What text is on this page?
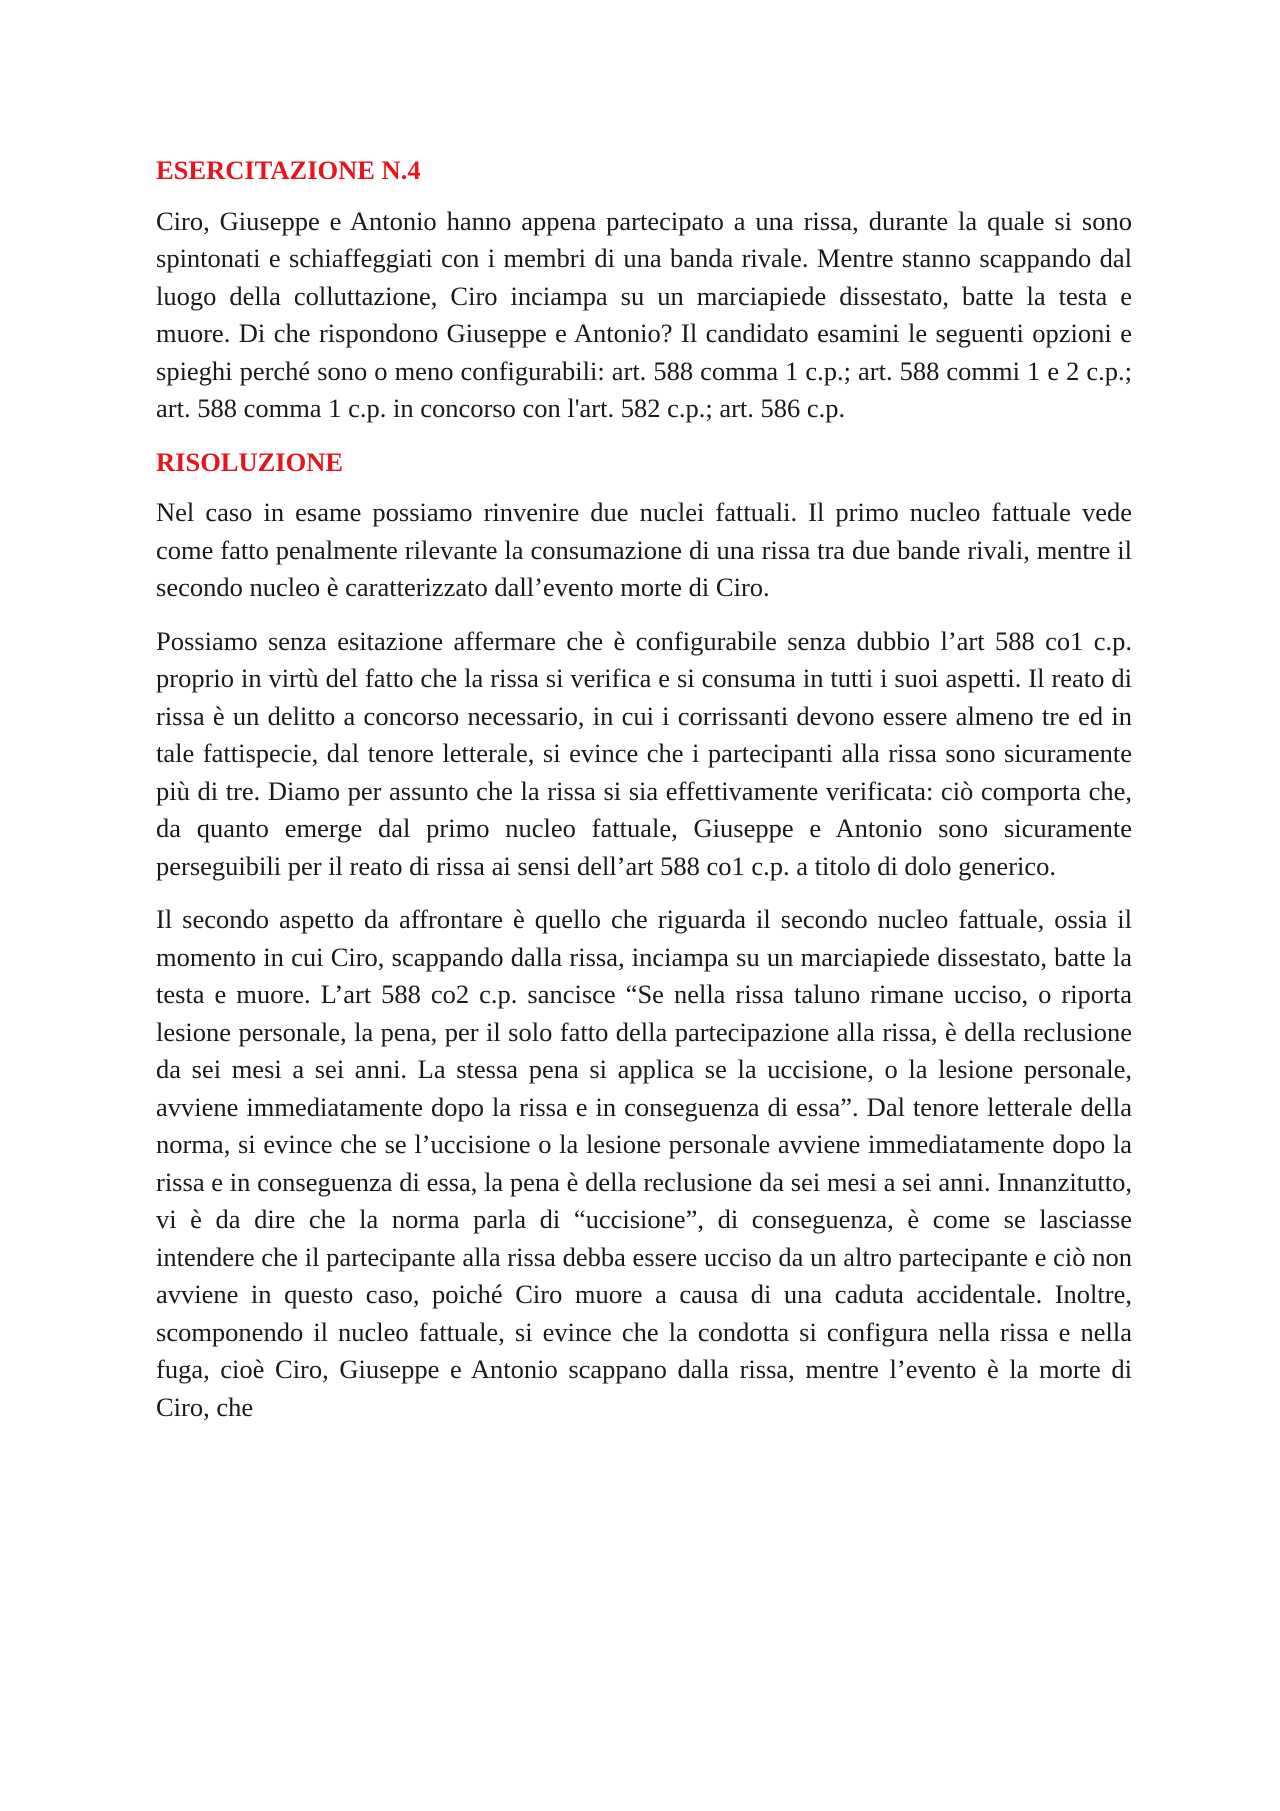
ESERCITAZIONE N.4

Ciro, Giuseppe e Antonio hanno appena partecipato a una rissa, durante la quale si sono spintonati e schiaffeggiati con i membri di una banda rivale. Mentre stanno scappando dal luogo della colluttazione, Ciro inciampa su un marciapiede dissestato, batte la testa e muore. Di che rispondono Giuseppe e Antonio? Il candidato esamini le seguenti opzioni e spieghi perché sono o meno configurabili: art. 588 comma 1 c.p.; art. 588 commi 1 e 2 c.p.; art. 588 comma 1 c.p. in concorso con l'art. 582 c.p.; art. 586 c.p.

RISOLUZIONE

Nel caso in esame possiamo rinvenire due nuclei fattuali. Il primo nucleo fattuale vede come fatto penalmente rilevante la consumazione di una rissa tra due bande rivali, mentre il secondo nucleo è caratterizzato dall’evento morte di Ciro.

Possiamo senza esitazione affermare che è configurabile senza dubbio l’art 588 co1 c.p. proprio in virtù del fatto che la rissa si verifica e si consuma in tutti i suoi aspetti. Il reato di rissa è un delitto a concorso necessario, in cui i corrissanti devono essere almeno tre ed in tale fattispecie, dal tenore letterale, si evince che i partecipanti alla rissa sono sicuramente più di tre. Diamo per assunto che la rissa si sia effettivamente verificata: ciò comporta che, da quanto emerge dal primo nucleo fattuale, Giuseppe e Antonio sono sicuramente perseguibili per il reato di rissa ai sensi dell’art 588 co1 c.p. a titolo di dolo generico.

Il secondo aspetto da affrontare è quello che riguarda il secondo nucleo fattuale, ossia il momento in cui Ciro, scappando dalla rissa, inciampa su un marciapiede dissestato, batte la testa e muore. L’art 588 co2 c.p. sancisce “Se nella rissa taluno rimane ucciso, o riporta lesione personale, la pena, per il solo fatto della partecipazione alla rissa, è della reclusione da sei mesi a sei anni. La stessa pena si applica se la uccisione, o la lesione personale, avviene immediatamente dopo la rissa e in conseguenza di essa”. Dal tenore letterale della norma, si evince che se l’uccisione o la lesione personale avviene immediatamente dopo la rissa e in conseguenza di essa, la pena è della reclusione da sei mesi a sei anni. Innanzitutto, vi è da dire che la norma parla di “uccisione”, di conseguenza, è come se lasciasse intendere che il partecipante alla rissa debba essere ucciso da un altro partecipante e ciò non avviene in questo caso, poiché Ciro muore a causa di una caduta accidentale. Inoltre, scomponendo il nucleo fattuale, si evince che la condotta si configura nella rissa e nella fuga, cioè Ciro, Giuseppe e Antonio scappano dalla rissa, mentre l’evento è la morte di Ciro, che
